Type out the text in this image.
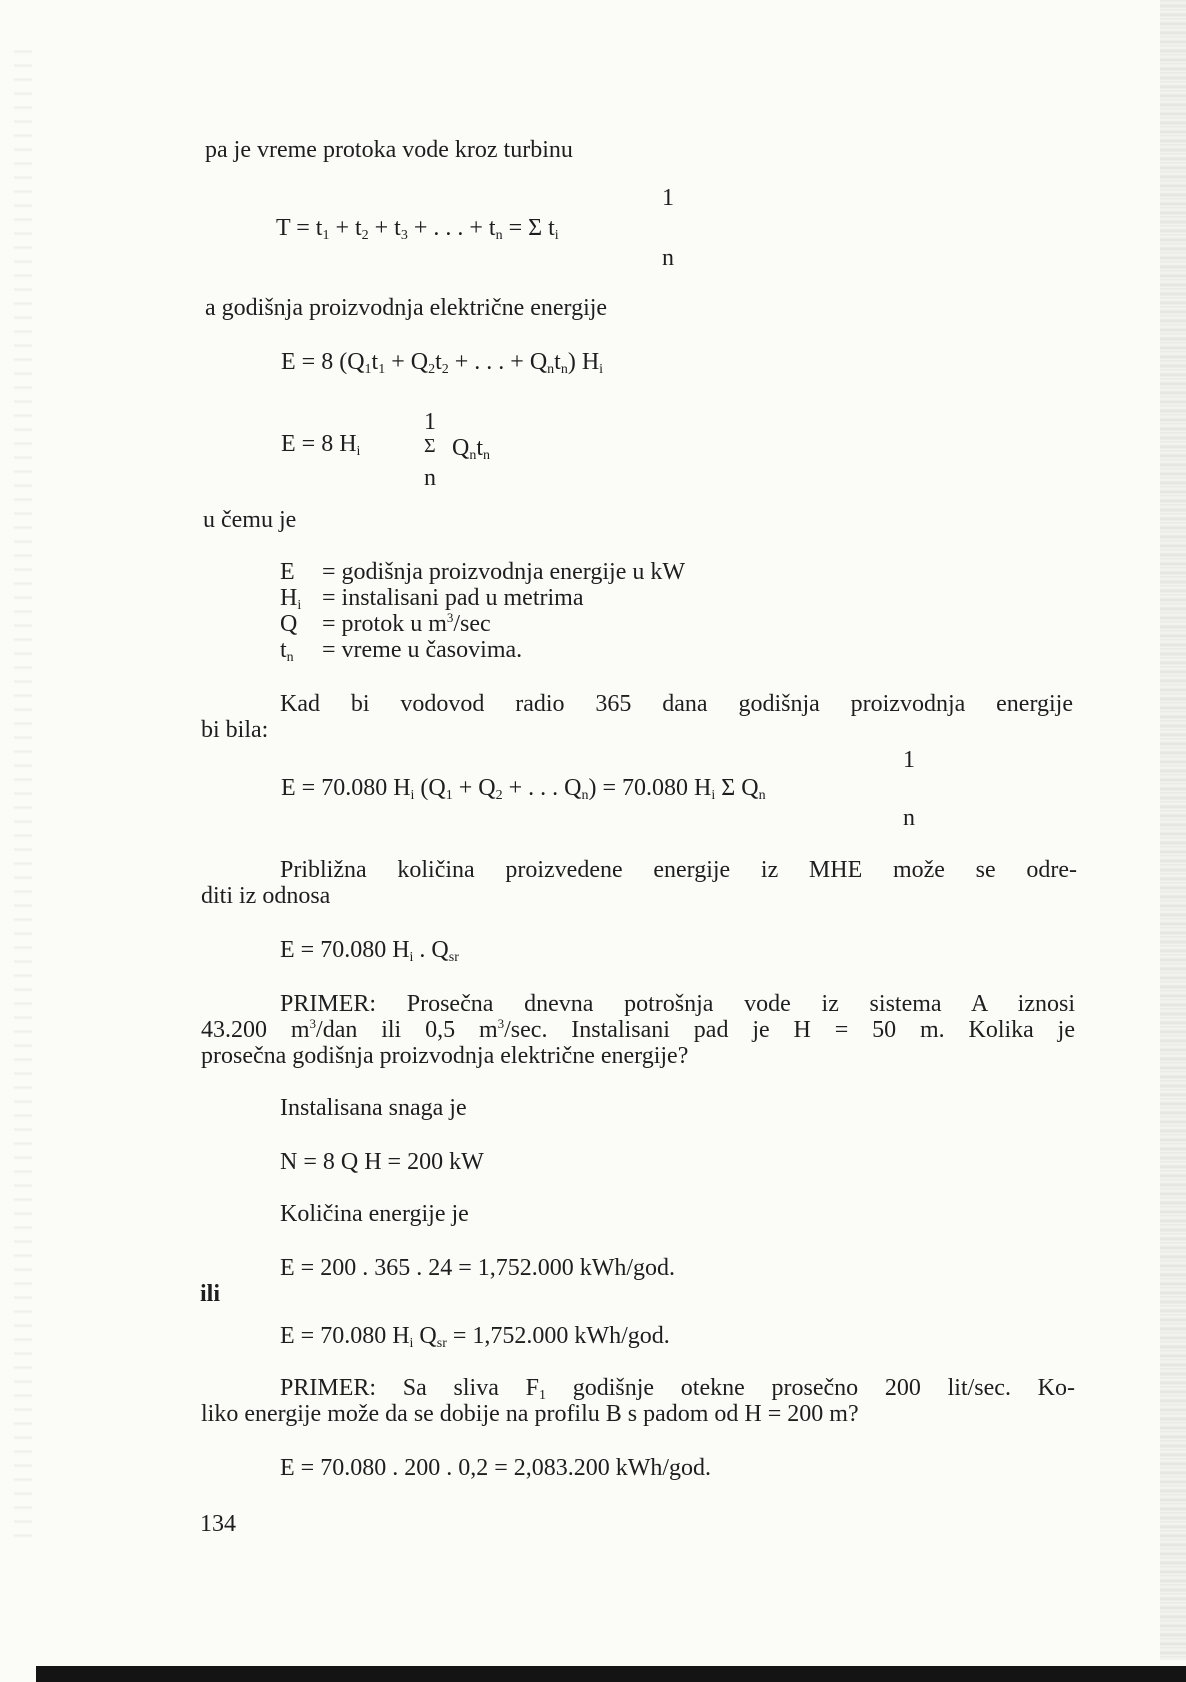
pa je vreme protoka vode kroz turbinu
1
$T = t_1 + t_2 + t_3$ + . . . + $t_n = \Sigma$ $t_i$
n
a godišnja proizvodnja električne energije
E = 8 ($Q_1t_1 + Q_2t_2$ + . . . + $Q_nt_n$) $H_i$
E = 8 $H_i$
1
Σ $Q_nt_n$
n
u čemu je
E = godišnja proizvodnja energije u kW
$H_i$ = instalisani pad u metrima
Q = protok u $m^3/\sec$
$t_n$ = vreme u časovima.
Kad bi vodovod radio 365 dana godišnja proizvodnja energije
bi bila:
1
E = 70.080 $H_i$ ($Q_1 + Q_2$ + . . . $Q_n) = 70.080$ $H_i$ Σ $Q_n$
n
Približna količina proizvedene energije iz MHE može se odre-
diti iz odnosa
E = 70.080 $H_i$ . $Q_{sr}$
PRIMER: Prosečna dnevna potrošnja vode iz sistema A iznosi
43.200 $m^3$/dan ili 0,5 $m^3/\sec$. Instalisani pad je H = 50 m. Kolika je
prosečna godišnja proizvodnja električne energije?
Instalisana snaga je
N = 8 Q H = 200 kW
Količina energije je
E = 200 . 365 . 24 = 1,752.000 kWh/god.
ili
E = 70.080 $H_i$ $Q_{sr} = 1,752.000$ kWh/god.
PRIMER: Sa sliva $F_1$ godišnje otekne prosečno 200 lit/sec. Ko-
liko energije može da se dobije na profilu B s padom od H = 200 m?
E = 70.080 . 200 . 0,2 = 2,083.200 kWh/god.
134
